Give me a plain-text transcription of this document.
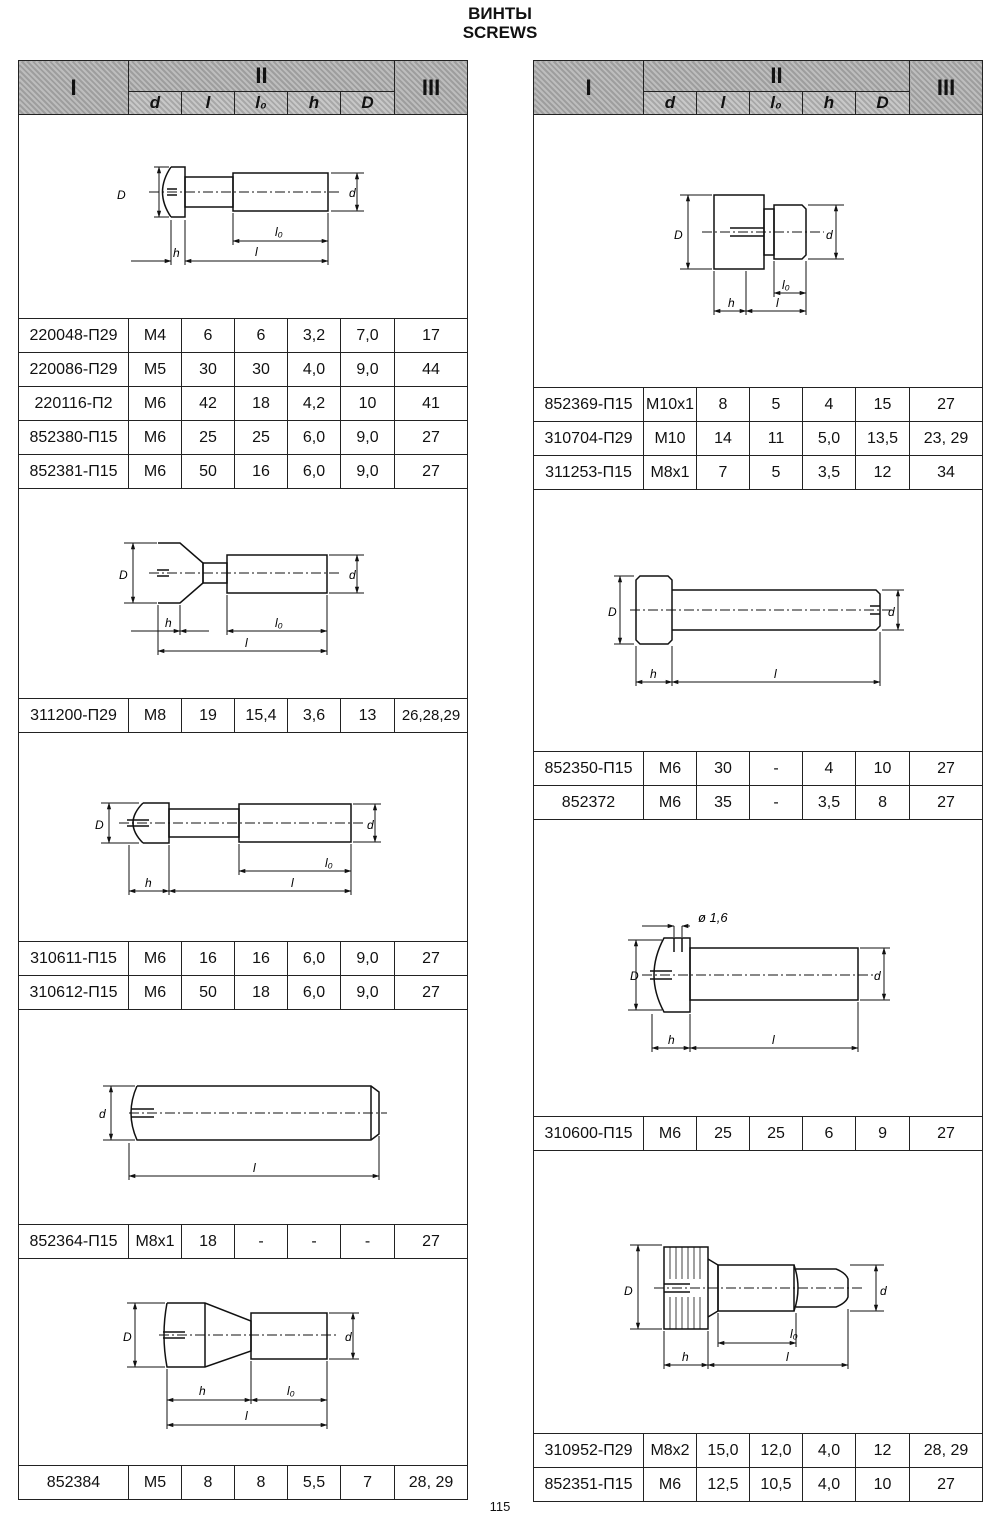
ВИНТЫ
SCREWS
I	II					III
	d	l	l₀	h	D	

D d
l₀
l
h						

220048-П29	M4	6	6	3,2	7,0	17
220086-П29	M5	30	30	4,0	9,0	44
220116-П2	M6	42	18	4,2	10	41
852380-П15	M6	25	25	6,0	9,0	27
852381-П15	M6	50	16	6,0	9,0	27

D d
h l₀
l						

311200-П29	M8	19	15,4	3,6	13	26,28,29

D d
l₀
h l						

310611-П15	M6	16	16	6,0	9,0	27
310612-П15	M6	50	18	6,0	9,0	27

d
l						

852364-П15	M8x1	18	-	-	-	27

D d
h l₀
l						

852384	M5	8	8	5,5	7	28, 29
I	II					III
	d	l	l₀	h	D	

D d
l₀
h l						

852369-П15	M10x1	8	5	4	15	27
310704-П29	M10	14	11	5,0	13,5	23, 29
311253-П15	M8x1	7	5	3,5	12	34

D d
h l						

852350-П15	M6	30	-	4	10	27
852372	M6	35	-	3,5	8	27

ø 1,6
D d
h l						

310600-П15	M6	25	25	6	9	27

D d
l₀
h l						

310952-П29	M8x2	15,0	12,0	4,0	12	28, 29
852351-П15	M6	12,5	10,5	4,0	10	27
115
